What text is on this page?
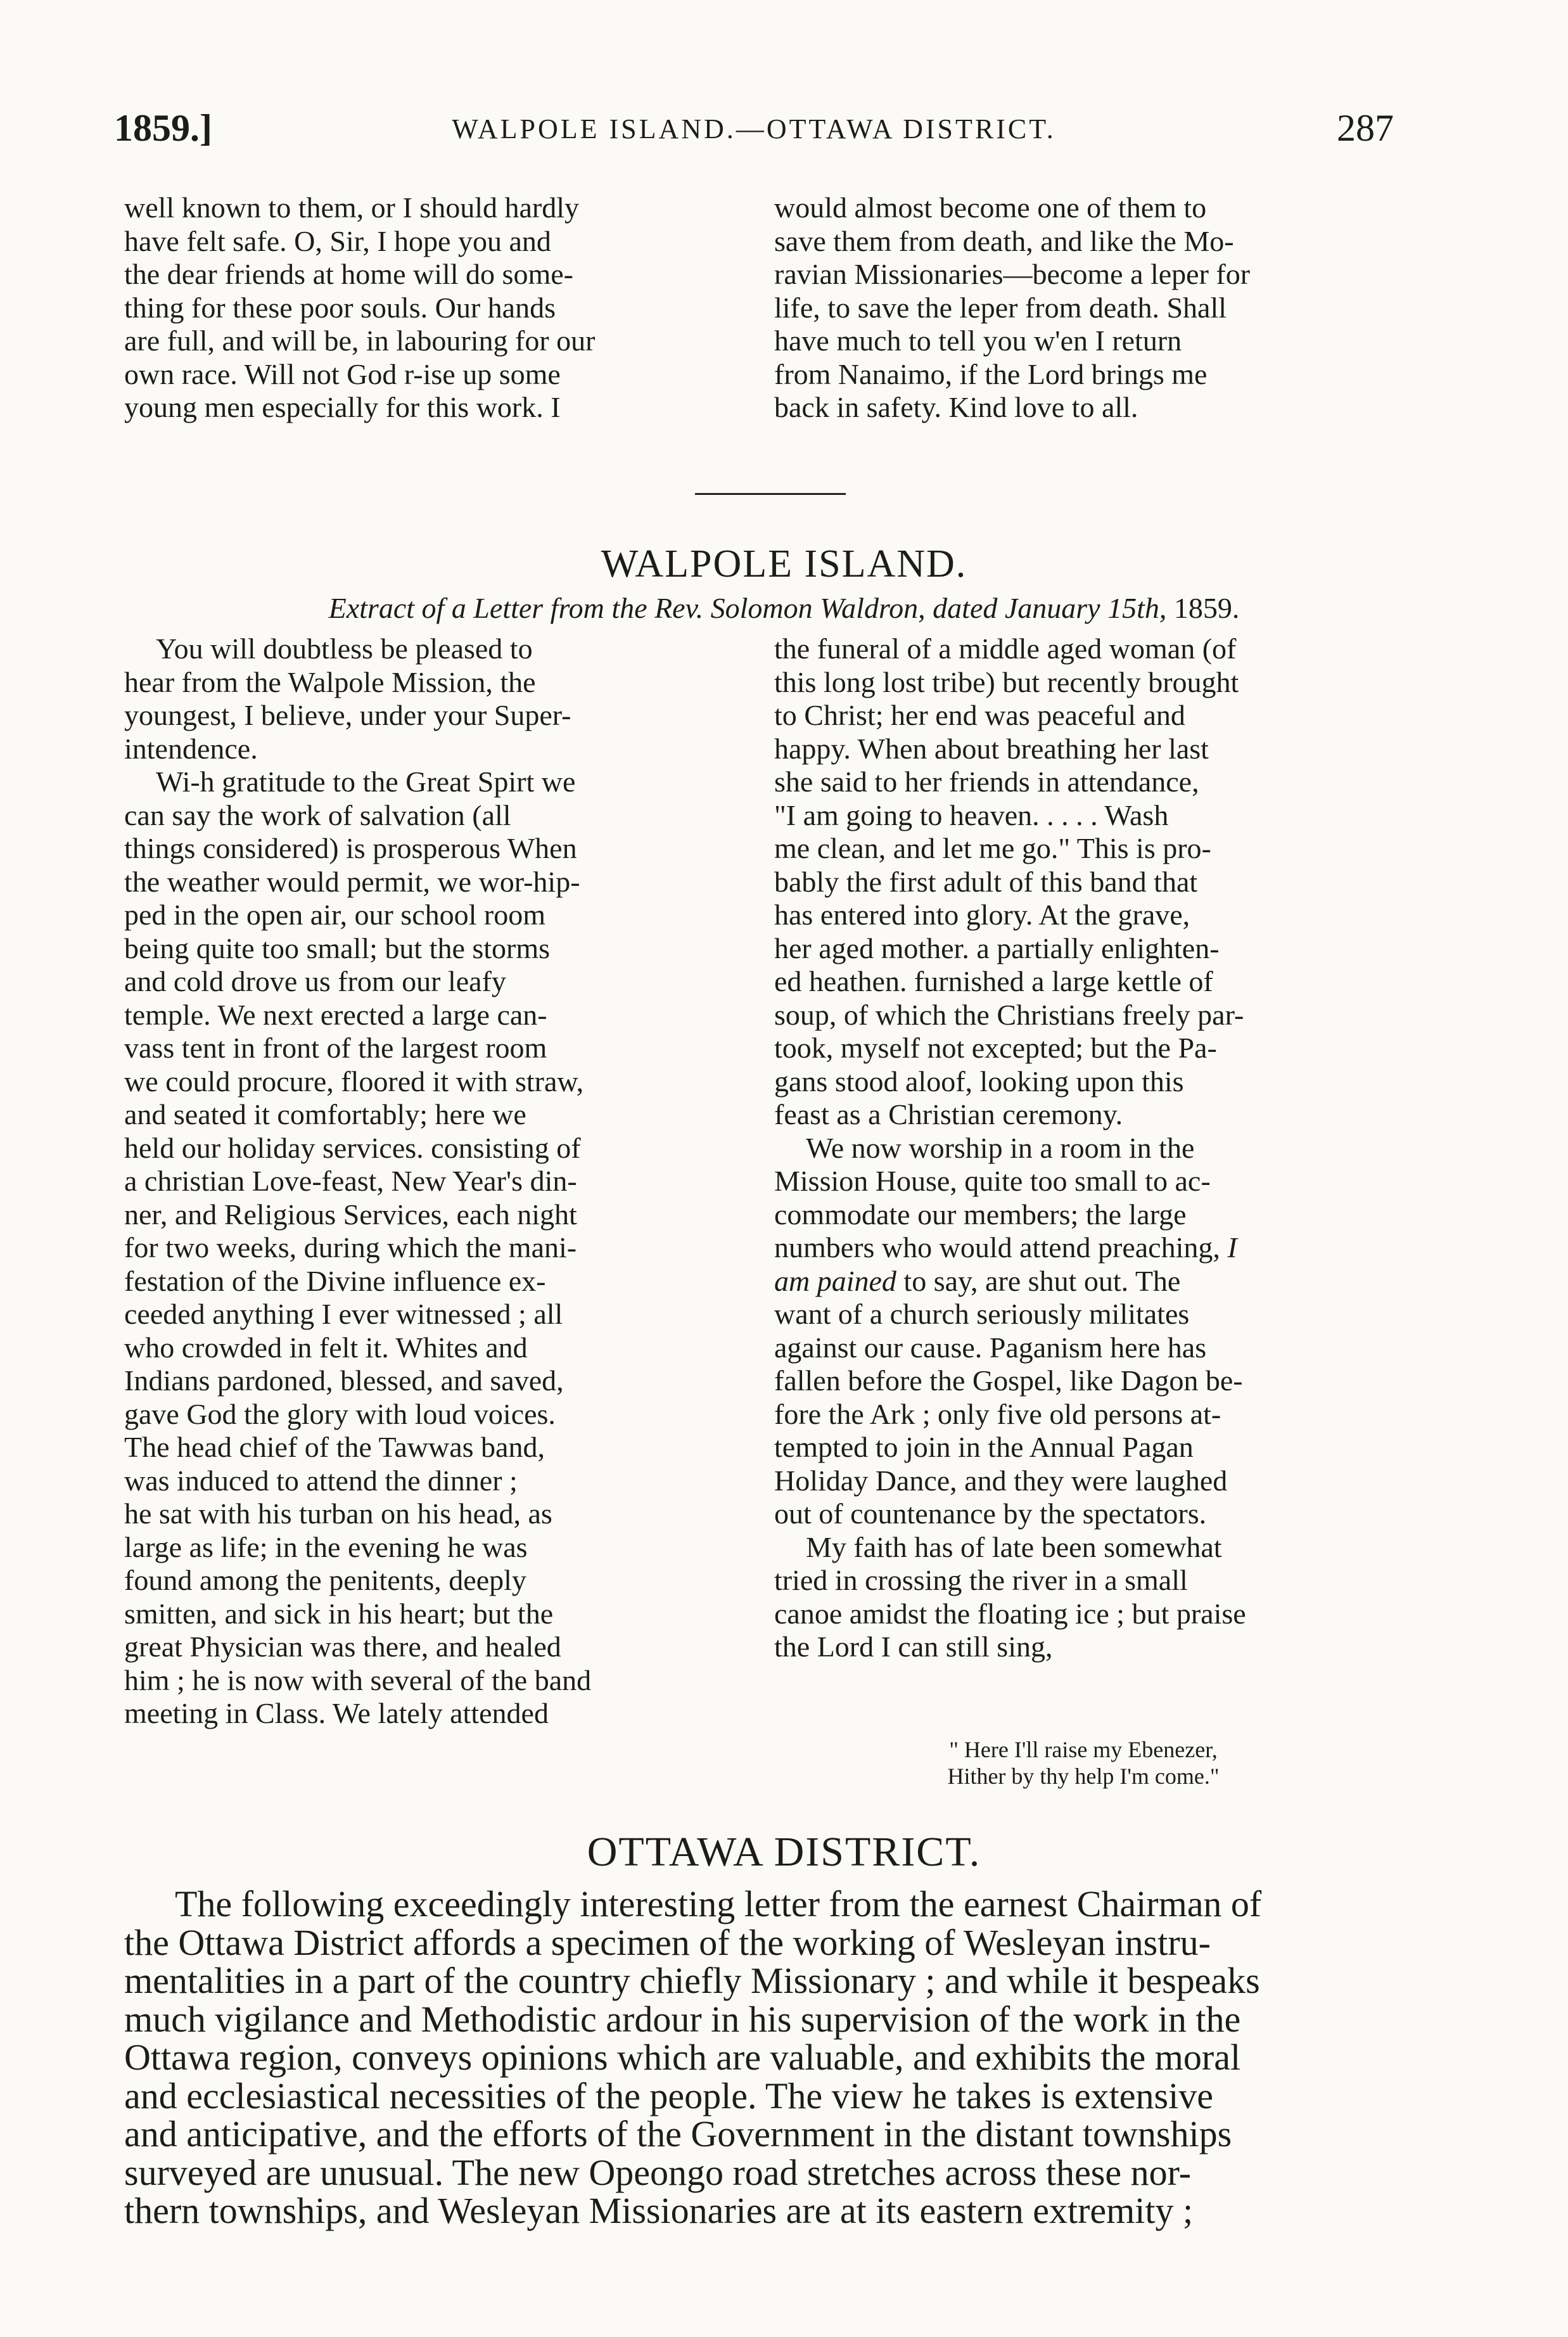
1859.]	WALPOLE ISLAND.—OTTAWA DISTRICT.	287
well known to them, or I should hardly
have felt safe. O, Sir, I hope you and
the dear friends at home will do some-
thing for these poor souls. Our hands
are full, and will be, in labouring for our
own race. Will not God r-ise up some
young men especially for this work. I
would almost become one of them to
save them from death, and like the Mo-
ravian Missionaries—become a leper for
life, to save the leper from death. Shall
have much to tell you w'en I return
from Nanaimo, if the Lord brings me
back in safety. Kind love to all.
WALPOLE ISLAND.
Extract of a Letter from the Rev. Solomon Waldron, dated January 15th, 1859.
You will doubtless be pleased to
hear from the Walpole Mission, the
youngest, I believe, under your Super-
intendence.
Wi-h gratitude to the Great Spirt we
can say the work of salvation (all
things considered) is prosperous When
the weather would permit, we wor-hip-
ped in the open air, our school room
being quite too small; but the storms
and cold drove us from our leafy
temple. We next erected a large can-
vass tent in front of the largest room
we could procure, floored it with straw,
and seated it comfortably; here we
held our holiday services. consisting of
a christian Love-feast, New Year's din-
ner, and Religious Services, each night
for two weeks, during which the mani-
festation of the Divine influence ex-
ceeded anything I ever witnessed ; all
who crowded in felt it. Whites and
Indians pardoned, blessed, and saved,
gave God the glory with loud voices.
The head chief of the Tawwas band,
was induced to attend the dinner ;
he sat with his turban on his head, as
large as life; in the evening he was
found among the penitents, deeply
smitten, and sick in his heart; but the
great Physician was there, and healed
him ; he is now with several of the band
meeting in Class. We lately attended
the funeral of a middle aged woman (of
this long lost tribe) but recently brought
to Christ; her end was peaceful and
happy. When about breathing her last
she said to her friends in attendance,
"I am going to heaven. . . . . Wash
me clean, and let me go." This is pro-
bably the first adult of this band that
has entered into glory. At the grave,
her aged mother. a partially enlighten-
ed heathen. furnished a large kettle of
soup, of which the Christians freely par-
took, myself not excepted; but the Pa-
gans stood aloof, looking upon this
feast as a Christian ceremony.
We now worship in a room in the
Mission House, quite too small to ac-
commodate our members; the large
numbers who would attend preaching, I
am pained to say, are shut out. The
want of a church seriously militates
against our cause. Paganism here has
fallen before the Gospel, like Dagon be-
fore the Ark ; only five old persons at-
tempted to join in the Annual Pagan
Holiday Dance, and they were laughed
out of countenance by the spectators.
My faith has of late been somewhat
tried in crossing the river in a small
canoe amidst the floating ice ; but praise
the Lord I can still sing,
" Here I'll raise my Ebenezer,
Hither by thy help I'm come."
OTTAWA DISTRICT.
The following exceedingly interesting letter from the earnest Chairman of
the Ottawa District affords a specimen of the working of Wesleyan instru-
mentalities in a part of the country chiefly Missionary ; and while it bespeaks
much vigilance and Methodistic ardour in his supervision of the work in the
Ottawa region, conveys opinions which are valuable, and exhibits the moral
and ecclesiastical necessities of the people. The view he takes is extensive
and anticipative, and the efforts of the Government in the distant townships
surveyed are unusual. The new Opeongo road stretches across these nor-
thern townships, and Wesleyan Missionaries are at its eastern extremity ;
